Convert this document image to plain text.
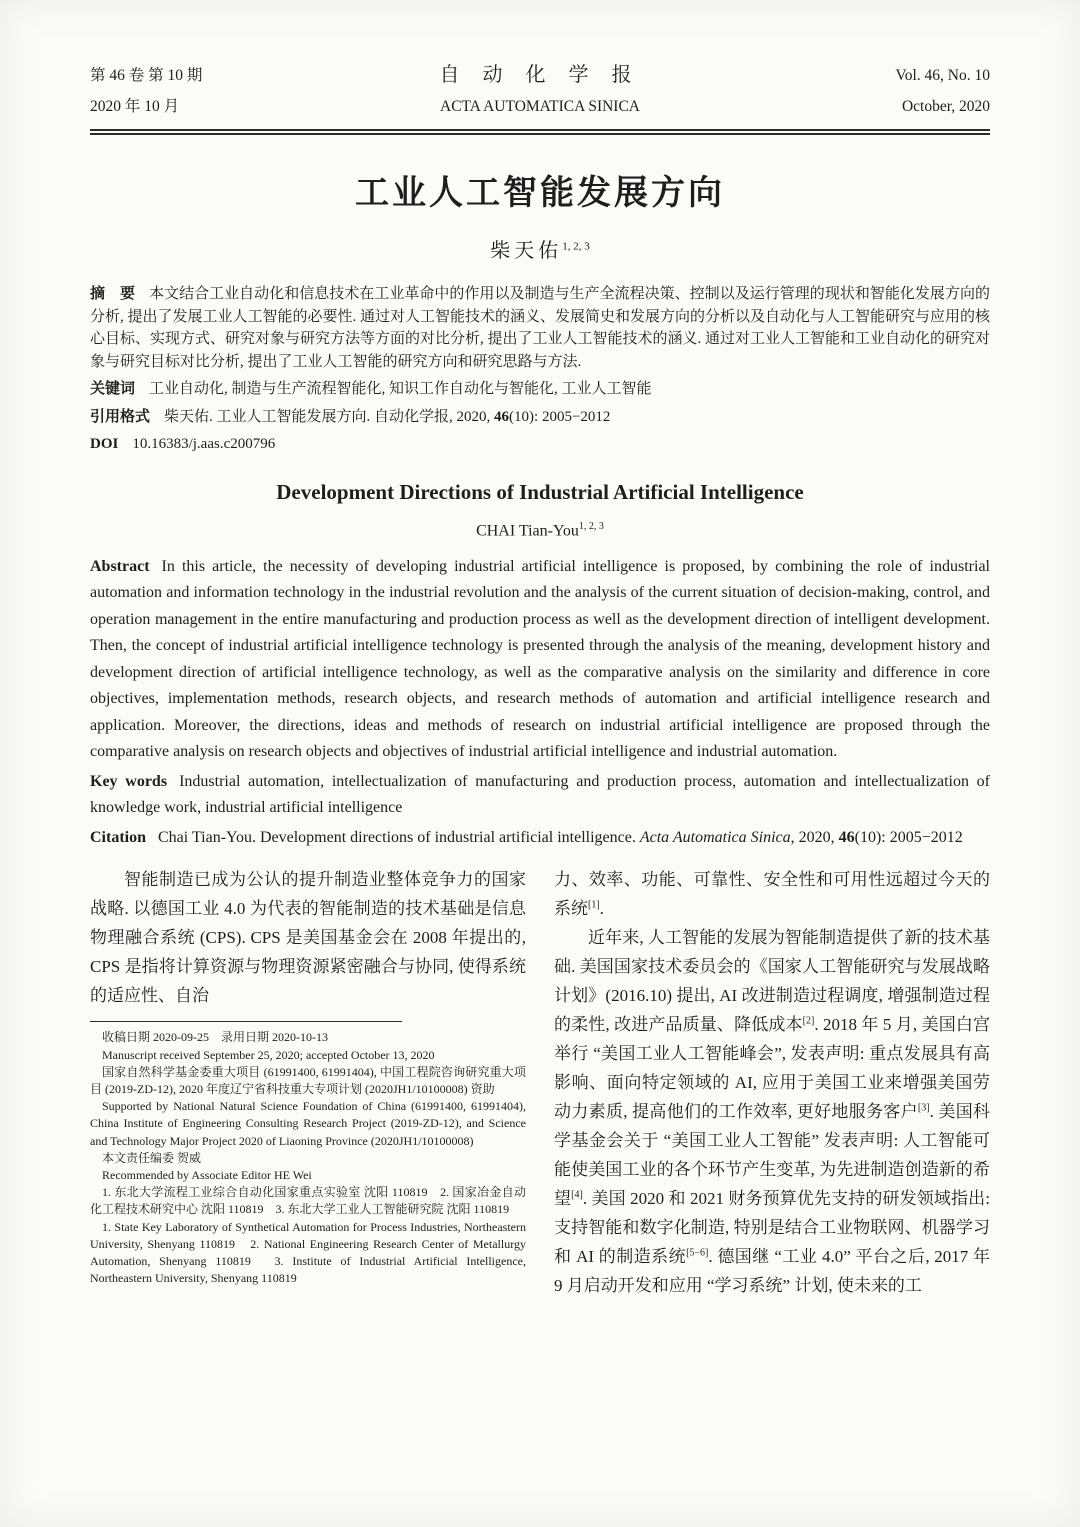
第 46 卷 第 10 期
2020 年 10 月
自 动 化 学 报
ACTA AUTOMATICA SINICA
Vol. 46, No. 10
October, 2020
工业人工智能发展方向
柴天佑$^{1, 2, 3}$

摘　要 本文结合工业自动化和信息技术在工业革命中的作用以及制造与生产全流程决策、控制以及运行管理的现状和智能化发展方向的分析, 提出了发展工业人工智能的必要性. 通过对人工智能技术的涵义、发展简史和发展方向的分析以及自动化与人工智能研究与应用的核心目标、实现方式、研究对象与研究方法等方面的对比分析, 提出了工业人工智能技术的涵义. 通过对工业人工智能和工业自动化的研究对象与研究目标对比分析, 提出了工业人工智能的研究方向和研究思路与方法.

关键词 工业自动化, 制造与生产流程智能化, 知识工作自动化与智能化, 工业人工智能

引用格式 柴天佑. 工业人工智能发展方向. 自动化学报, 2020, 46(10): 2005−2012

DOI 10.16383/j.aas.c200796

Development Directions of Industrial Artificial Intelligence
CHAI Tian-You$^{1, 2, 3}$

Abstract In this article, the necessity of developing industrial artificial intelligence is proposed, by combining the role of industrial automation and information technology in the industrial revolution and the analysis of the current situation of decision-making, control, and operation management in the entire manufacturing and production process as well as the development direction of intelligent development. Then, the concept of industrial artificial intelligence technology is presented through the analysis of the meaning, development history and development direction of artificial intelligence technology, as well as the comparative analysis on the similarity and difference in core objectives, implementation methods, research objects, and research methods of automation and artificial intelligence research and application. Moreover, the directions, ideas and methods of research on industrial artificial intelligence are proposed through the comparative analysis on research objects and objectives of industrial artificial intelligence and industrial automation.

Key words Industrial automation, intellectualization of manufacturing and production process, automation and intellectualization of knowledge work, industrial artificial intelligence

Citation Chai Tian-You. Development directions of industrial artificial intelligence. Acta Automatica Sinica, 2020, 46(10): 2005−2012

智能制造已成为公认的提升制造业整体竞争力的国家战略. 以德国工业 4.0 为代表的智能制造的技术基础是信息物理融合系统 (CPS). CPS 是美国基金会在 2008 年提出的, CPS 是指将计算资源与物理资源紧密融合与协同, 使得系统的适应性、自治

收稿日期 2020-09-25　录用日期 2020-10-13

Manuscript received September 25, 2020; accepted October 13, 2020

国家自然科学基金委重大项目 (61991400, 61991404), 中国工程院咨询研究重大项目 (2019-ZD-12), 2020 年度辽宁省科技重大专项计划 (2020JH1/10100008) 资助

Supported by National Natural Science Foundation of China (61991400, 61991404), China Institute of Engineering Consulting Research Project (2019-ZD-12), and Science and Technology Major Project 2020 of Liaoning Province (2020JH1/10100008)

本文责任编委 贺威

Recommended by Associate Editor HE Wei

1. 东北大学流程工业综合自动化国家重点实验室 沈阳 110819　2. 国家冶金自动化工程技术研究中心 沈阳 110819　3. 东北大学工业人工智能研究院 沈阳 110819

1. State Key Laboratory of Synthetical Automation for Process Industries, Northeastern University, Shenyang 110819　2. National Engineering Research Center of Metallurgy Automation, Shenyang 110819　3. Institute of Industrial Artificial Intelligence, Northeastern University, Shenyang 110819

力、效率、功能、可靠性、安全性和可用性远超过今天的系统[1].

近年来, 人工智能的发展为智能制造提供了新的技术基础. 美国国家技术委员会的《国家人工智能研究与发展战略计划》(2016.10) 提出, AI 改进制造过程调度, 增强制造过程的柔性, 改进产品质量、降低成本[2]. 2018 年 5 月, 美国白宫举行 “美国工业人工智能峰会”, 发表声明: 重点发展具有高影响、面向特定领域的 AI, 应用于美国工业来增强美国劳动力素质, 提高他们的工作效率, 更好地服务客户[3]. 美国科学基金会关于 “美国工业人工智能” 发表声明: 人工智能可能使美国工业的各个环节产生变革, 为先进制造创造新的希望[4]. 美国 2020 和 2021 财务预算优先支持的研发领域指出: 支持智能和数字化制造, 特别是结合工业物联网、机器学习和 AI 的制造系统[5−6]. 德国继 “工业 4.0” 平台之后, 2017 年 9 月启动开发和应用 “学习系统” 计划, 使未来的工
